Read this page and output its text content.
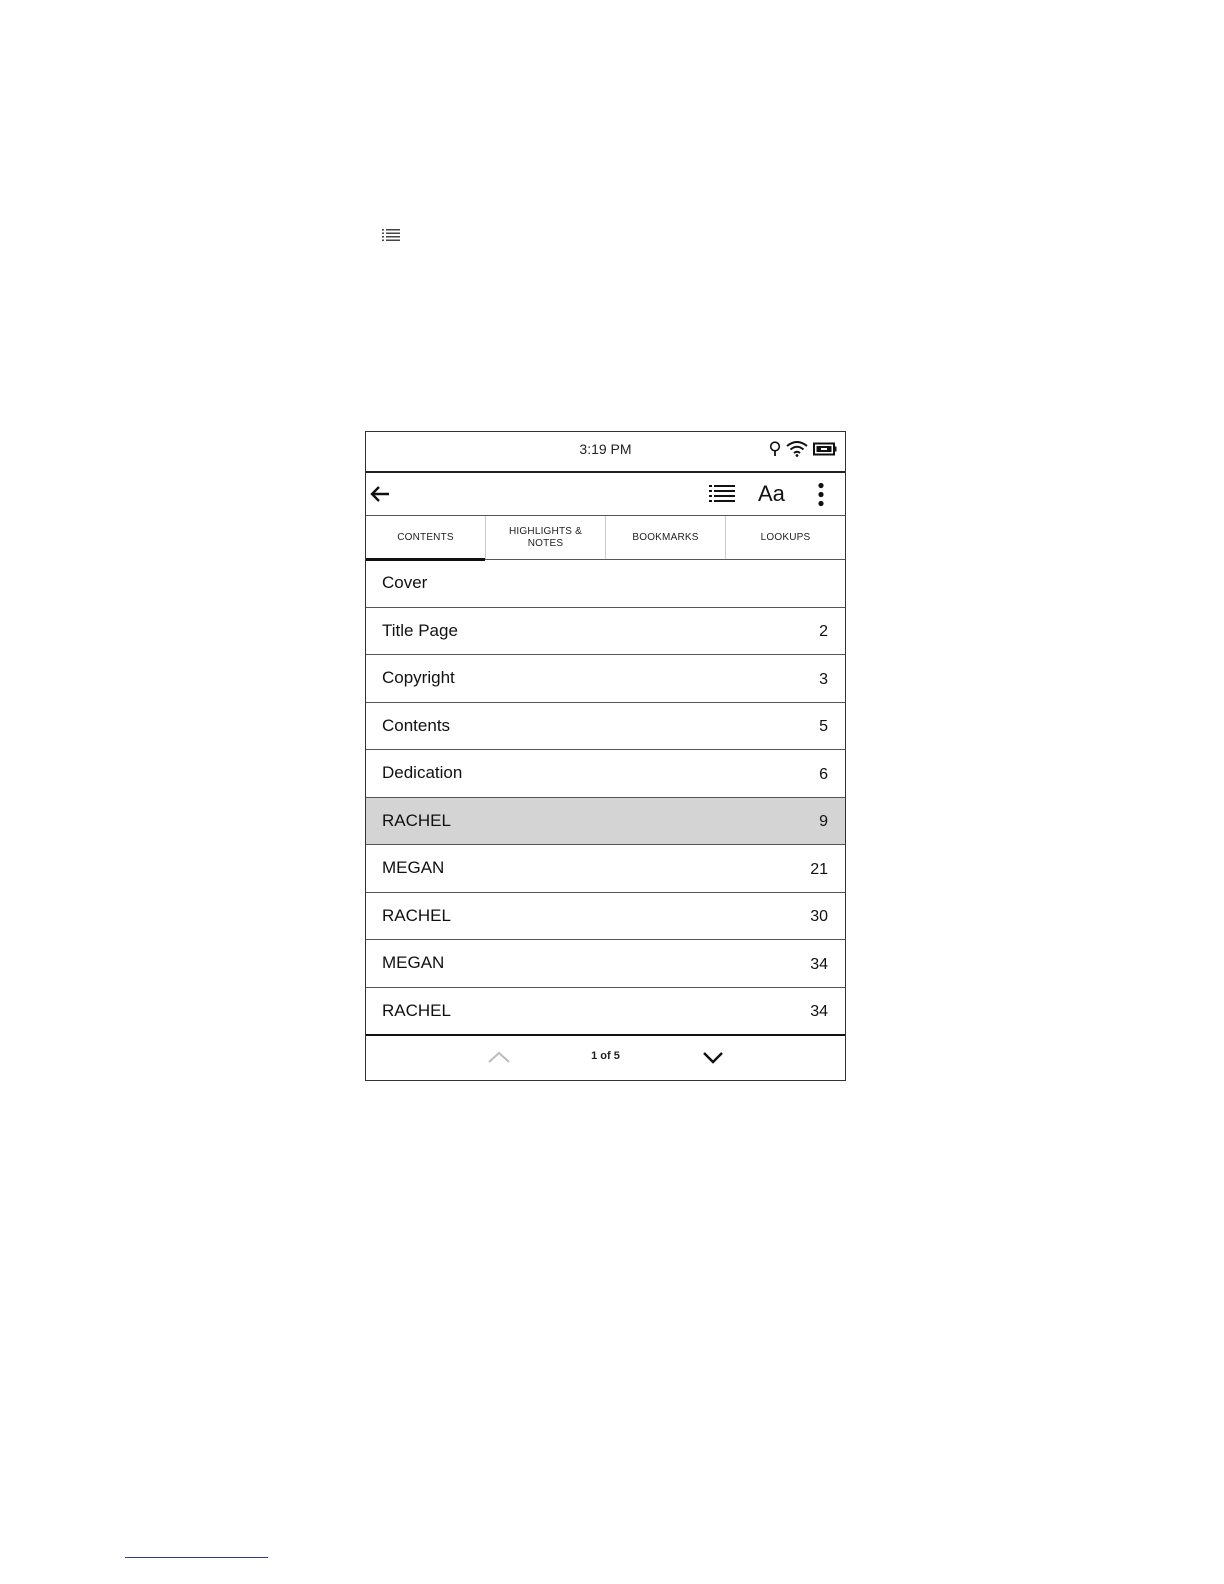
3:19 PM
Aa
CONTENTS
HIGHLIGHTS & NOTES
BOOKMARKS	LOOKUPS
Cover
Title Page	2
Copyright	3
Contents	5
Dedication	6
RACHEL	9
MEGAN	21
RACHEL	30
MEGAN	34
RACHEL	34
1 of 5
